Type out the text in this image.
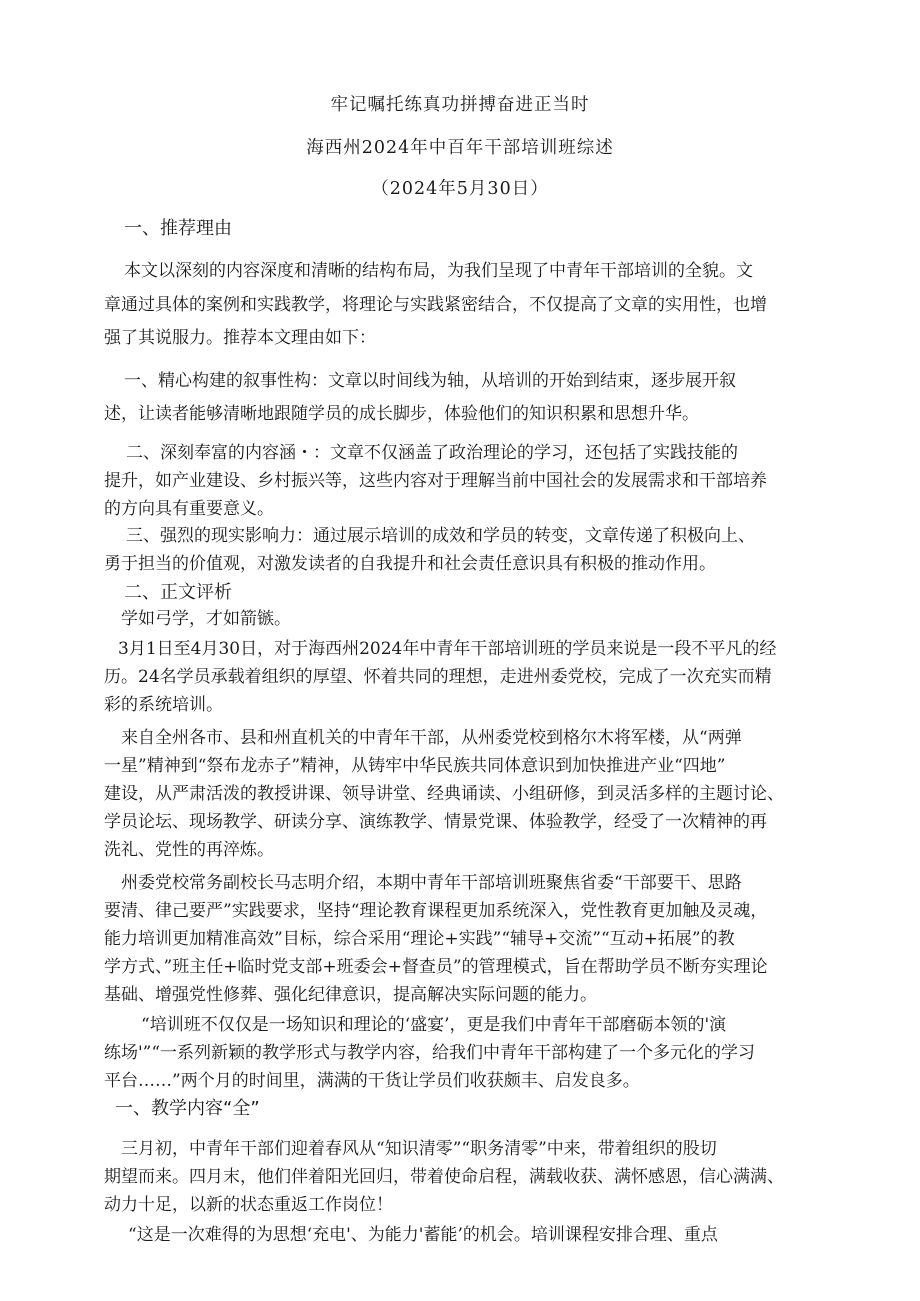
牢记嘱托练真功拼搏奋进正当时
海西州2024年中百年干部培训班综述
（2024年5月30日）
一、推荐理由
本文以深刻的内容深度和清晰的结构布局，为我们呈现了中青年干部培训的全貌。文
章通过具体的案例和实践教学，将理论与实践紧密结合，不仅提高了文章的实用性，也增
强了其说服力。推荐本文理由如下：
一、精心构建的叙事性构：文章以时间线为轴，从培训的开始到结束，逐步展开叙
述，让读者能够清晰地跟随学员的成长脚步，体验他们的知识积累和思想升华。
二、深刻奉富的内容涵・：文章不仅涵盖了政治理论的学习，还包括了实践技能的
提升，如产业建设、乡村振兴等，这些内容对于理解当前中国社会的发展需求和干部培养
的方向具有重要意义。
三、强烈的现实影响力：通过展示培训的成效和学员的转变，文章传递了积极向上、
勇于担当的价值观，对激发读者的自我提升和社会责任意识具有积极的推动作用。
二、正文评析
学如弓学，才如箭镞。
3月1日至4月30日，对于海西州2024年中青年干部培训班的学员来说是一段不平凡的经
历。24名学员承载着组织的厚望、怀着共同的理想，走进州委党校，完成了一次充实而精
彩的系统培训。
来自全州各市、县和州直机关的中青年干部，从州委党校到格尔木将军楼，从“两弹
一星”精神到“祭布龙赤子”精神，从铸牢中华民族共同体意识到加快推进产业“四地”
建设，从严肃活泼的教授讲课、领导讲堂、经典诵读、小组研修，到灵活多样的主题讨论、
学员论坛、现场教学、研读分享、演练教学、情景党课、体验教学，经受了一次精神的再
洗礼、党性的再淬炼。
州委党校常务副校长马志明介绍，本期中青年干部培训班聚焦省委“干部要干、思路
要清、律己要严”实践要求，坚持“理论教育课程更加系统深入，党性教育更加触及灵魂，
能力培训更加精准高效”目标，综合采用“理论+实践”“辅导+交流”“互动+拓展”的教
学方式、”班主任+临时党支部+班委会+督查员”的管理模式，旨在帮助学员不断夯实理论
基础、增强党性修葬、强化纪律意识，提高解决实际问题的能力。
“培训班不仅仅是一场知识和理论的‘盛宴’，更是我们中青年干部磨砺本领的'演
练场'”“一系列新颖的教学形式与教学内容，给我们中青年干部构建了一个多元化的学习
平台……”两个月的时间里，满满的干货让学员们收获颇丰、启发良多。
一、教学内容“全”
三月初，中青年干部们迎着春风从“知识清零”“职务清零”中来，带着组织的股切
期望而来。四月末，他们伴着阳光回归，带着使命启程，满载收获、满怀感恩，信心满满、
动力十足，以新的状态重返工作岗位！
“这是一次难得的为思想‘充电'、为能力'蓄能’的机会。培训课程安排合理、重点
